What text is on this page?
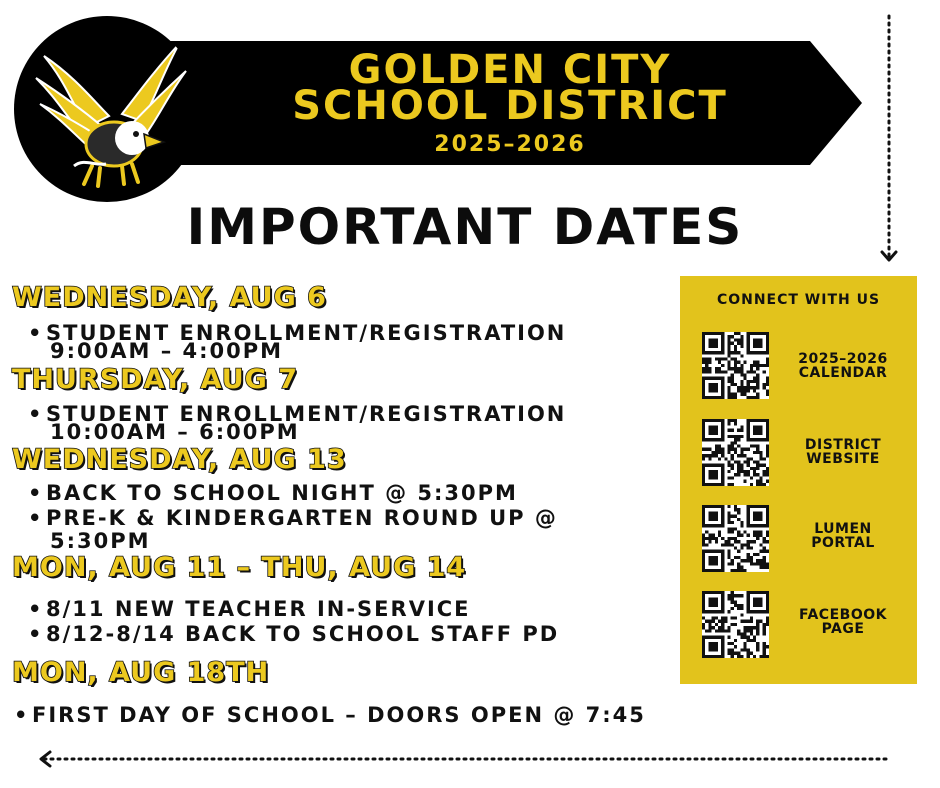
GOLDEN CITY
SCHOOL DISTRICT
2025–2026
IMPORTANT DATES
WEDNESDAY, AUG 6
• STUDENT ENROLLMENT/REGISTRATION
9:00AM – 4:00PM
THURSDAY, AUG 7
• STUDENT ENROLLMENT/REGISTRATION
10:00AM – 6:00PM
WEDNESDAY, AUG 13
• BACK TO SCHOOL NIGHT @ 5:30PM
• PRE-K & KINDERGARTEN ROUND UP @
5:30PM
MON, AUG 11 – THU, AUG 14
• 8/11 NEW TEACHER IN-SERVICE
• 8/12-8/14 BACK TO SCHOOL STAFF PD
MON, AUG 18TH
• FIRST DAY OF SCHOOL – DOORS OPEN @ 7:45
CONNECT WITH US
2025–2026
CALENDAR
DISTRICT
WEBSITE
LUMEN
PORTAL
FACEBOOK
PAGE
